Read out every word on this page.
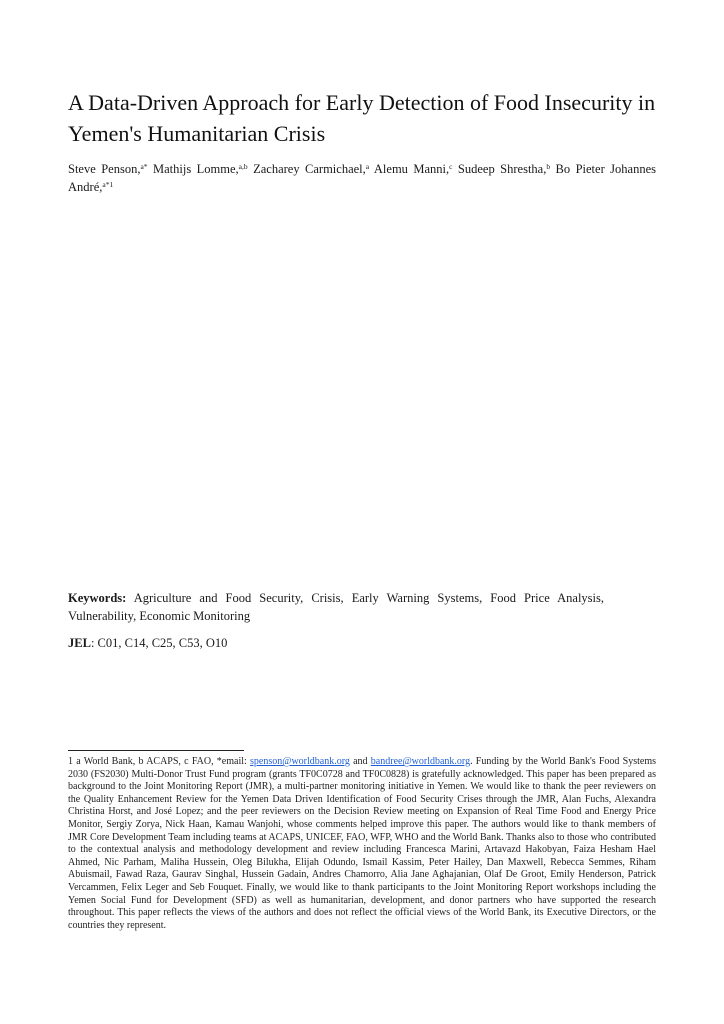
A Data-Driven Approach for Early Detection of Food Insecurity in Yemen's Humanitarian Crisis

Steve Penson,$^{a*}$ Mathijs Lomme,$^{a,b}$ Zacharey Carmichael,$^a$ Alemu Manni,$^c$ Sudeep Shrestha,$^b$ Bo Pieter Johannes André,$^{a*1}$

Keywords: Agriculture and Food Security, Crisis, Early Warning Systems, Food Price Analysis, Vulnerability, Economic Monitoring

JEL: C01, C14, C25, C53, O10

1 a World Bank, b ACAPS, c FAO, *email: spenson@worldbank.org and bandree@worldbank.org. Funding by the World Bank's Food Systems 2030 (FS2030) Multi-Donor Trust Fund program (grants TF0C0728 and TF0C0828) is gratefully acknowledged. This paper has been prepared as background to the Joint Monitoring Report (JMR), a multi-partner monitoring initiative in Yemen. We would like to thank the peer reviewers on the Quality Enhancement Review for the Yemen Data Driven Identification of Food Security Crises through the JMR, Alan Fuchs, Alexandra Christina Horst, and José Lopez; and the peer reviewers on the Decision Review meeting on Expansion of Real Time Food and Energy Price Monitor, Sergiy Zorya, Nick Haan, Kamau Wanjohi, whose comments helped improve this paper. The authors would like to thank members of JMR Core Development Team including teams at ACAPS, UNICEF, FAO, WFP, WHO and the World Bank. Thanks also to those who contributed to the contextual analysis and methodology development and review including Francesca Marini, Artavazd Hakobyan, Faiza Hesham Hael Ahmed, Nic Parham, Maliha Hussein, Oleg Bilukha, Elijah Odundo, Ismail Kassim, Peter Hailey, Dan Maxwell, Rebecca Semmes, Riham Abuismail, Fawad Raza, Gaurav Singhal, Hussein Gadain, Andres Chamorro, Alia Jane Aghajanian, Olaf De Groot, Emily Henderson, Patrick Vercammen, Felix Leger and Seb Fouquet. Finally, we would like to thank participants to the Joint Monitoring Report workshops including the Yemen Social Fund for Development (SFD) as well as humanitarian, development, and donor partners who have supported the research throughout. This paper reflects the views of the authors and does not reflect the official views of the World Bank, its Executive Directors, or the countries they represent.
